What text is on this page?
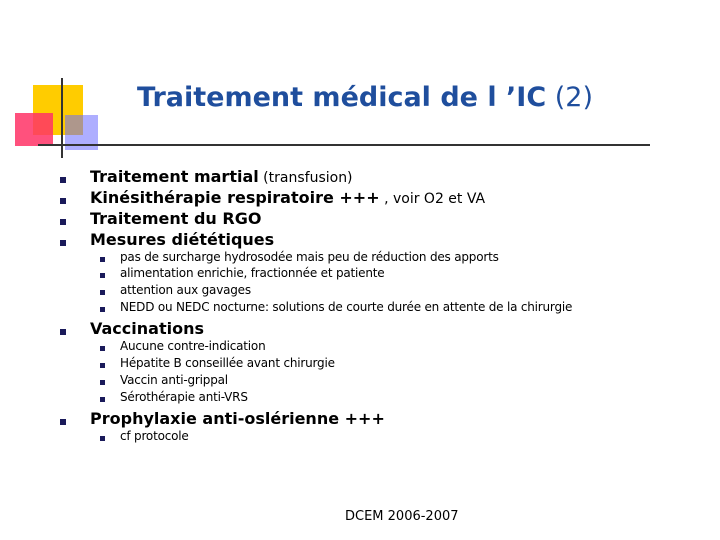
Traitement médical de l ’IC (2)
Traitement martial (transfusion)
Kinésithérapie respiratoire +++ , voir O2 et VA
Traitement du RGO
Mesures diététiques
pas de surcharge hydrosodée mais peu de réduction des apports
alimentation enrichie, fractionnée et patiente
attention aux gavages
NEDD ou NEDC nocturne: solutions de courte durée en attente de la chirurgie
Vaccinations
Aucune contre-indication
Hépatite B conseillée avant chirurgie
Vaccin anti-grippal
Sérothérapie anti-VRS
Prophylaxie anti-oslérienne +++
cf protocole
DCEM 2006-2007
